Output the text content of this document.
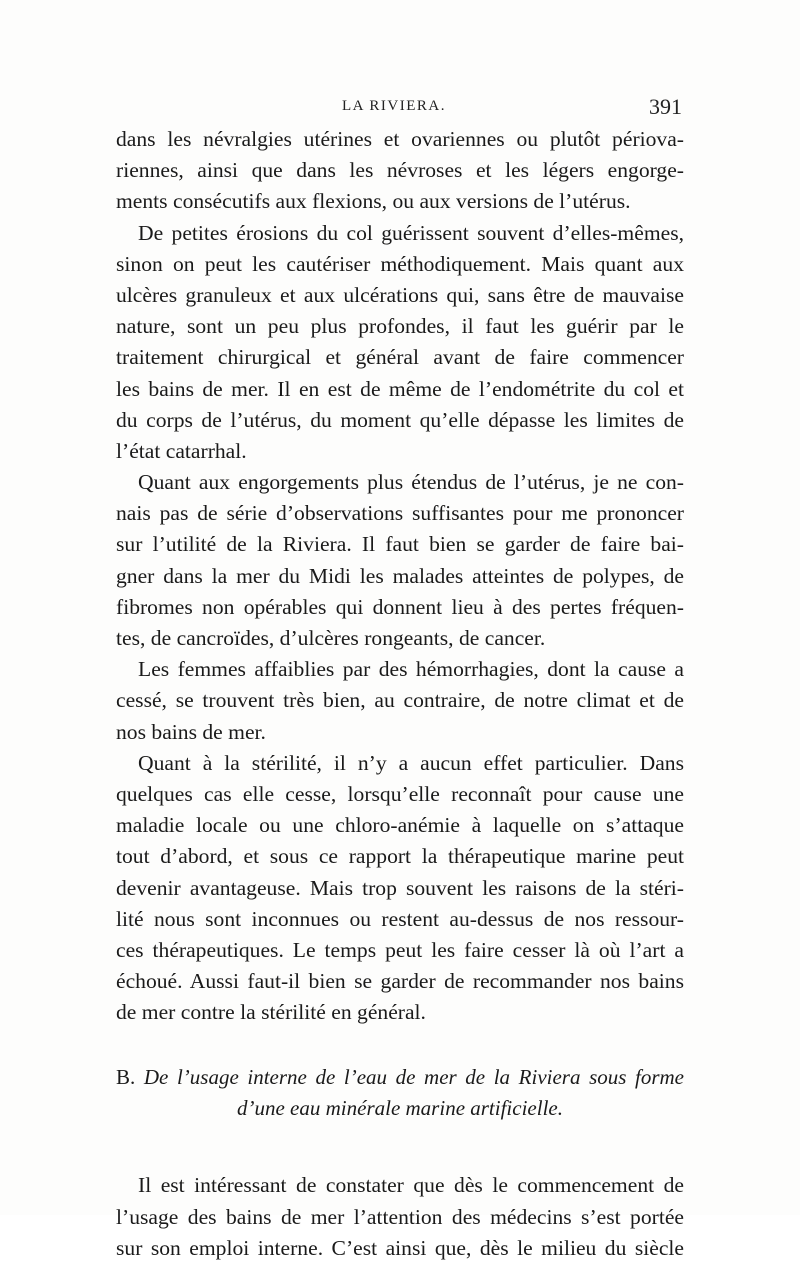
LA RIVIERA.	391
dans les névralgies utérines et ovariennes ou plutôt périova-
riennes, ainsi que dans les névroses et les légers engorge-
ments consécutifs aux flexions, ou aux versions de l’utérus.
De petites érosions du col guérissent souvent d’elles-mêmes,
sinon on peut les cautériser méthodiquement. Mais quant aux
ulcères granuleux et aux ulcérations qui, sans être de mauvaise
nature, sont un peu plus profondes, il faut les guérir par le
traitement chirurgical et général avant de faire commencer
les bains de mer. Il en est de même de l’endométrite du col et
du corps de l’utérus, du moment qu’elle dépasse les limites de
l’état catarrhal.
Quant aux engorgements plus étendus de l’utérus, je ne con-
nais pas de série d’observations suffisantes pour me prononcer
sur l’utilité de la Riviera. Il faut bien se garder de faire bai-
gner dans la mer du Midi les malades atteintes de polypes, de
fibromes non opérables qui donnent lieu à des pertes fréquen-
tes, de cancroïdes, d’ulcères rongeants, de cancer.
Les femmes affaiblies par des hémorrhagies, dont la cause a
cessé, se trouvent très bien, au contraire, de notre climat et de
nos bains de mer.
Quant à la stérilité, il n’y a aucun effet particulier. Dans
quelques cas elle cesse, lorsqu’elle reconnaît pour cause une
maladie locale ou une chloro-anémie à laquelle on s’attaque
tout d’abord, et sous ce rapport la thérapeutique marine peut
devenir avantageuse. Mais trop souvent les raisons de la stéri-
lité nous sont inconnues ou restent au-dessus de nos ressour-
ces thérapeutiques. Le temps peut les faire cesser là où l’art a
échoué. Aussi faut-il bien se garder de recommander nos bains
de mer contre la stérilité en général.
B. De l’usage interne de l’eau de mer de la Riviera sous forme
d’une eau minérale marine artificielle.
Il est intéressant de constater que dès le commencement de
l’usage des bains de mer l’attention des médecins s’est portée
sur son emploi interne. C’est ainsi que, dès le milieu du siècle
